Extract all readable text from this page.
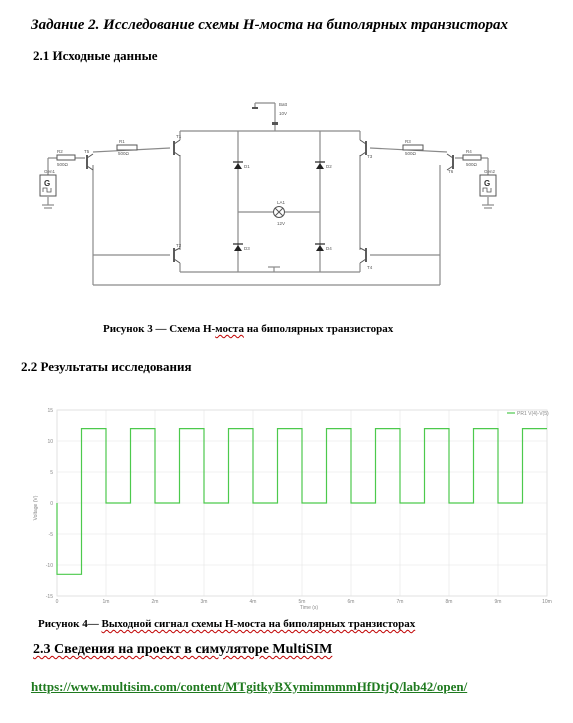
Задание 2. Исследование схемы Н-моста на биполярных транзисторах
2.1 Исходные данные
Batt
10V
T1
T2
T3
T4
T5
T6
R1
500Ω
R2
500Ω
R3
500Ω	R4
500Ω
D1	D2
D3	D4
LA1
12V
Gen1	Gen2
G	G
Рисунок 3 — Схема Н-моста на биполярных транзисторах
2.2 Результаты исследования
15
10
5
0
-5
-10
-15
0	1m	2m	3m	4m	5m	6m	7m	8m	9m	10m
PR1 V(4)-V(5)
Voltage (V)
Time (s)
Рисунок 4— Выходной сигнал схемы Н-моста на биполярных транзисторах
2.3 Сведения на проект в симуляторе MultiSIM
https://www.multisim.com/content/MTgitkyBXymimmmmHfDtjQ/lab42/open/
